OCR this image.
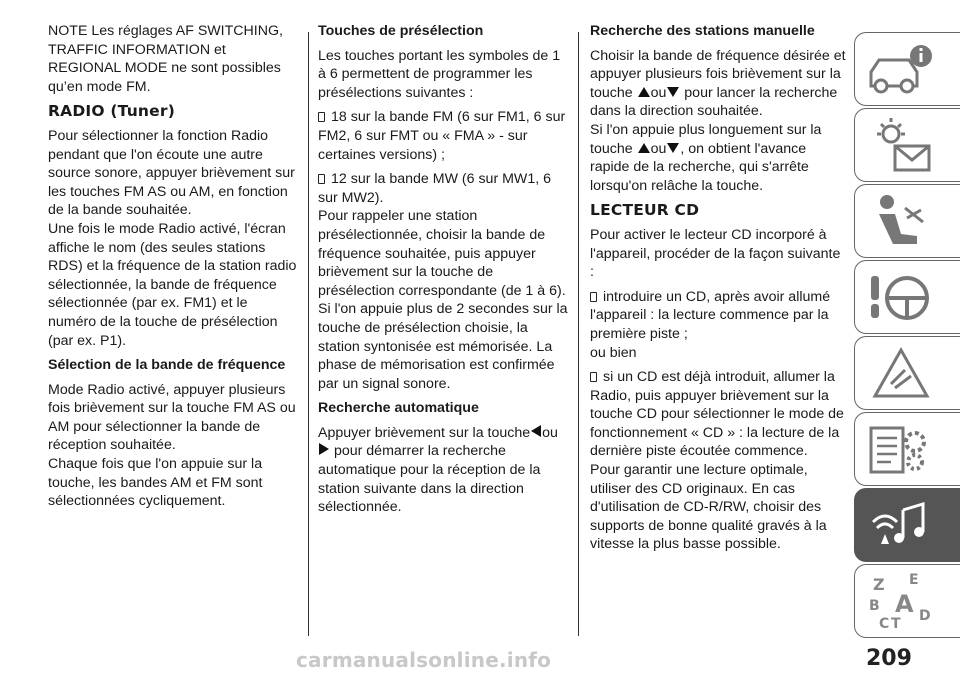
NOTE Les réglages AF SWITCHING, TRAFFIC INFORMATION et REGIONAL MODE ne sont possibles qu’en mode FM.

RADIO (Tuner)

Pour sélectionner la fonction Radio pendant que l'on écoute une autre source sonore, appuyer brièvement sur les touches FM AS ou AM, en fonction de la bande souhaitée.

Une fois le mode Radio activé, l'écran affiche le nom (des seules stations RDS) et la fréquence de la station radio sélectionnée, la bande de fréquence sélectionnée (par ex. FM1) et le numéro de la touche de présélection (par ex. P1).

Sélection de la bande de fréquence

Mode Radio activé, appuyer plusieurs fois brièvement sur la touche FM AS ou AM pour sélectionner la bande de réception souhaitée.

Chaque fois que l'on appuie sur la touche, les bandes AM et FM sont sélectionnées cycliquement.

Touches de présélection

Les touches portant les symboles de 1 à 6 permettent de programmer les présélections suivantes :

18 sur la bande FM (6 sur FM1, 6 sur FM2, 6 sur FMT ou « FMA » - sur certaines versions) ;

12 sur la bande MW (6 sur MW1, 6 sur MW2).

Pour rappeler une station présélectionnée, choisir la bande de fréquence souhaitée, puis appuyer brièvement sur la touche de présélection correspondante (de 1 à 6).

Si l'on appuie plus de 2 secondes sur la touche de présélection choisie, la station syntonisée est mémorisée. La phase de mémorisation est confirmée par un signal sonore.

Recherche automatique

Appuyer brièvement sur la touche ou  pour démarrer la recherche automatique pour la réception de la station suivante dans la direction sélectionnée.

Recherche des stations manuelle

Choisir la bande de fréquence désirée et appuyer plusieurs fois brièvement sur la touche ou pour lancer la recherche dans la direction souhaitée.

Si l'on appuie plus longuement sur la touche ou , on obtient l'avance rapide de la recherche, qui s'arrête lorsqu'on relâche la touche.

LECTEUR CD

Pour activer le lecteur CD incorporé à l'appareil, procéder de la façon suivante :

introduire un CD, après avoir allumé l'appareil : la lecture commence par la première piste ;

ou bien

si un CD est déjà introduit, allumer la Radio, puis appuyer brièvement sur la touche CD pour sélectionner le mode de fonctionnement « CD » : la lecture de la dernière piste écoutée commence.

Pour garantir une lecture optimale, utiliser des CD originaux. En cas d'utilisation de CD-R/RW, choisir des supports de bonne qualité gravés à la vitesse la plus basse possible.

Z E
B A
C T D
209
carmanualsonline.info
